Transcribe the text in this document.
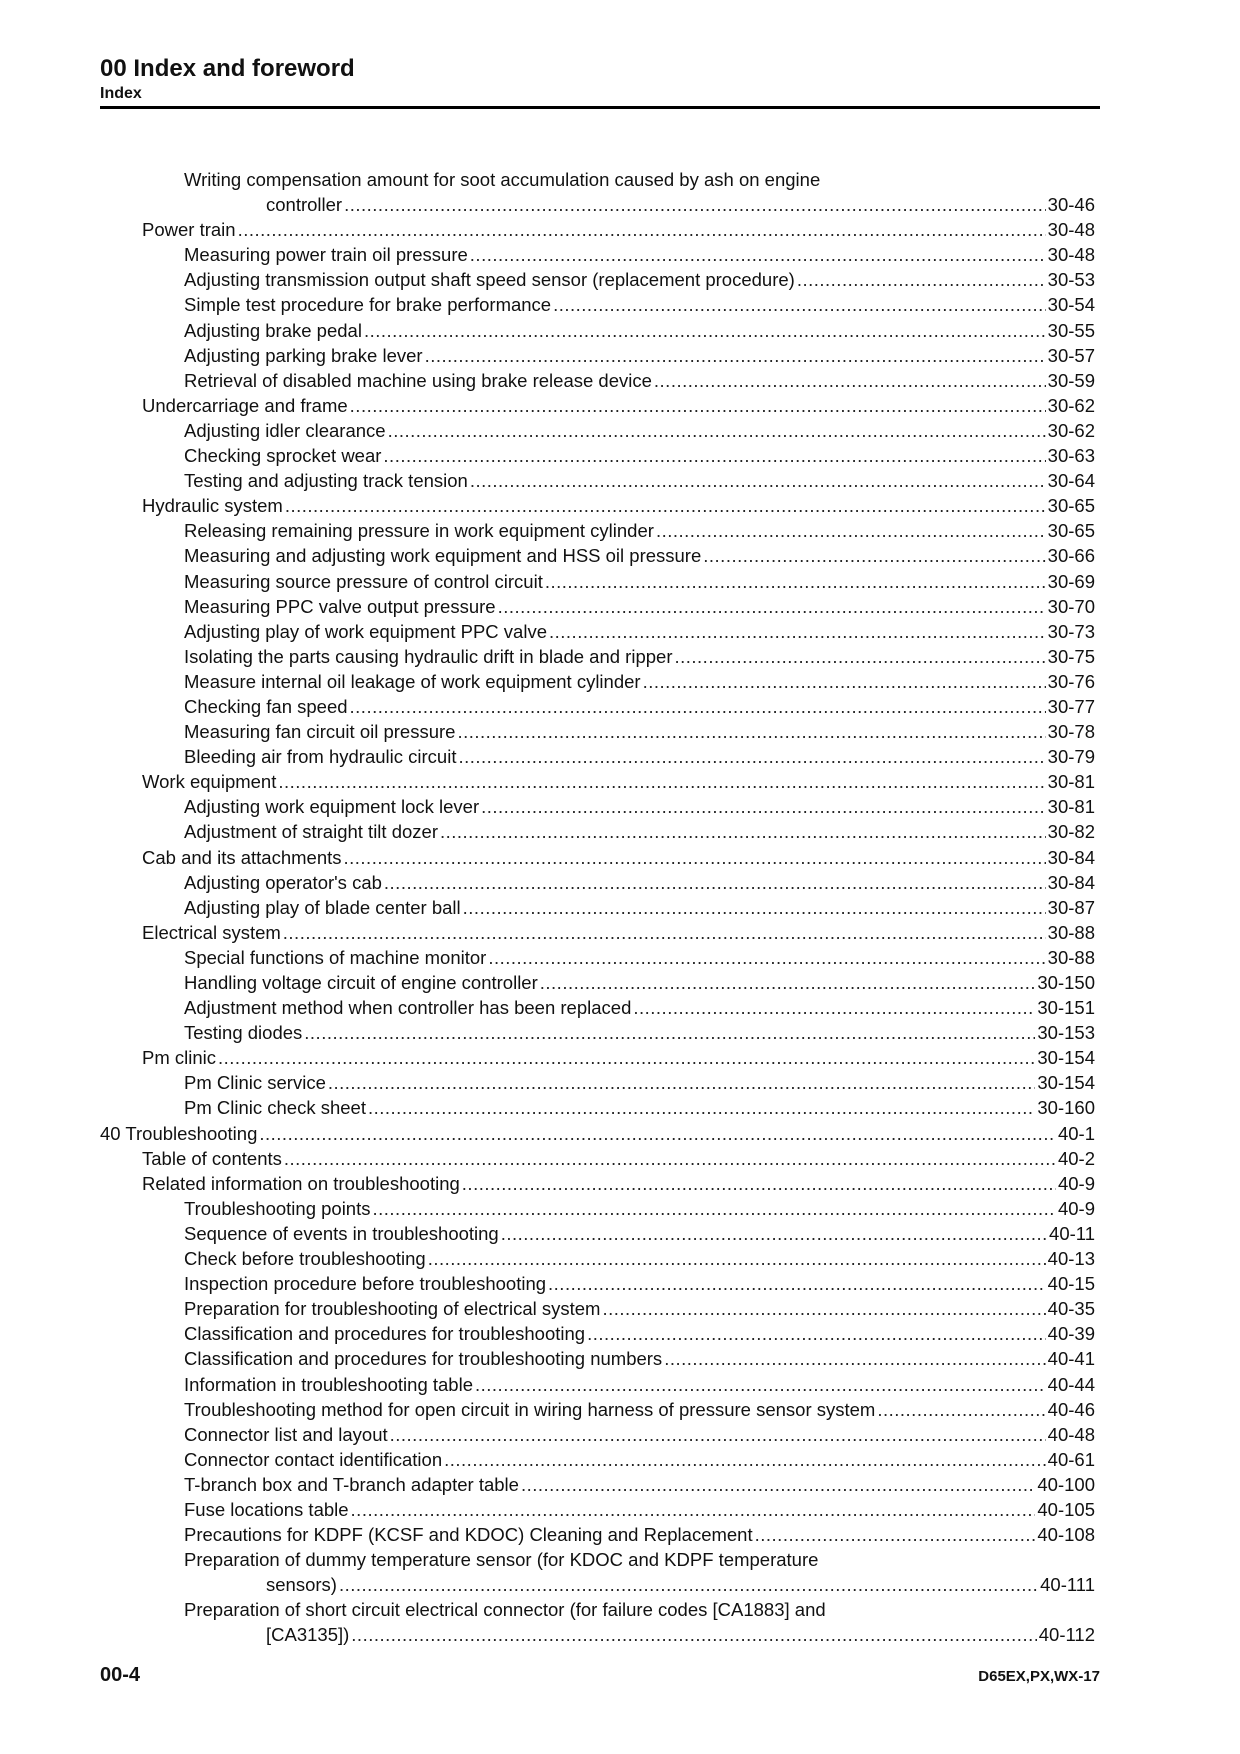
00 Index and foreword
Index
Writing compensation amount for soot accumulation caused by ash on engine
controller .....	30-46
Power train .....	30-48
Measuring power train oil pressure .....	30-48
Adjusting transmission output shaft speed sensor (replacement procedure) .....	30-53
Simple test procedure for brake performance .....	30-54
Adjusting brake pedal .....	30-55
Adjusting parking brake lever .....	30-57
Retrieval of disabled machine using brake release device .....	30-59
Undercarriage and frame .....	30-62
Adjusting idler clearance .....	30-62
Checking sprocket wear .....	30-63
Testing and adjusting track tension .....	30-64
Hydraulic system .....	30-65
Releasing remaining pressure in work equipment cylinder .....	30-65
Measuring and adjusting work equipment and HSS oil pressure .....	30-66
Measuring source pressure of control circuit .....	30-69
Measuring PPC valve output pressure .....	30-70
Adjusting play of work equipment PPC valve .....	30-73
Isolating the parts causing hydraulic drift in blade and ripper .....	30-75
Measure internal oil leakage of work equipment cylinder .....	30-76
Checking fan speed .....	30-77
Measuring fan circuit oil pressure .....	30-78
Bleeding air from hydraulic circuit .....	30-79
Work equipment .....	30-81
Adjusting work equipment lock lever .....	30-81
Adjustment of straight tilt dozer .....	30-82
Cab and its attachments .....	30-84
Adjusting operator's cab .....	30-84
Adjusting play of blade center ball .....	30-87
Electrical system .....	30-88
Special functions of machine monitor .....	30-88
Handling voltage circuit of engine controller .....	30-150
Adjustment method when controller has been replaced .....	30-151
Testing diodes .....	30-153
Pm clinic .....	30-154
Pm Clinic service .....	30-154
Pm Clinic check sheet .....	30-160
40 Troubleshooting .....	40-1
Table of contents .....	40-2
Related information on troubleshooting .....	40-9
Troubleshooting points .....	40-9
Sequence of events in troubleshooting .....	40-11
Check before troubleshooting .....	40-13
Inspection procedure before troubleshooting .....	40-15
Preparation for troubleshooting of electrical system .....	40-35
Classification and procedures for troubleshooting .....	40-39
Classification and procedures for troubleshooting numbers .....	40-41
Information in troubleshooting table .....	40-44
Troubleshooting method for open circuit in wiring harness of pressure sensor system .....	40-46
Connector list and layout .....	40-48
Connector contact identification .....	40-61
T-branch box and T-branch adapter table .....	40-100
Fuse locations table .....	40-105
Precautions for KDPF (KCSF and KDOC) Cleaning and Replacement .....	40-108
Preparation of dummy temperature sensor (for KDOC and KDPF temperature
sensors) .....	40-111
Preparation of short circuit electrical connector (for failure codes [CA1883] and
[CA3135]) .....	40-112
00-4	D65EX,PX,WX-17
